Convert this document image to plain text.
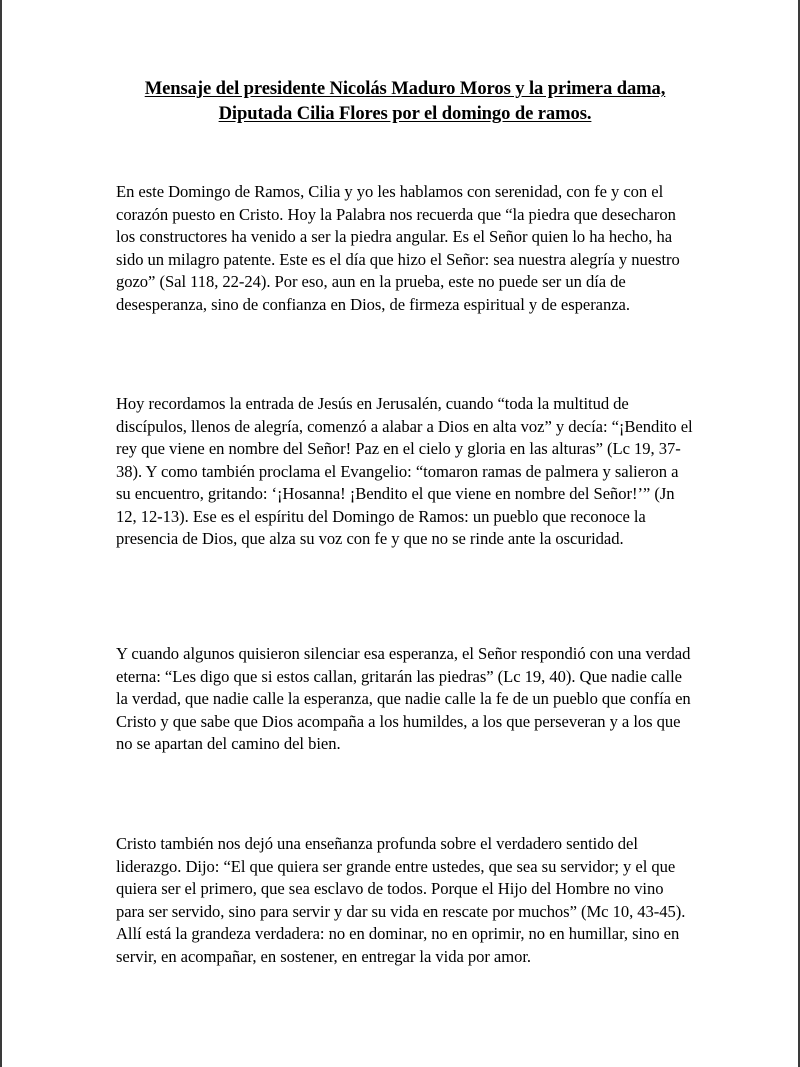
Mensaje del presidente Nicolás Maduro Moros y la primera dama, Diputada Cilia Flores por el domingo de ramos.

En este Domingo de Ramos, Cilia y yo les hablamos con serenidad, con fe y con el corazón puesto en Cristo. Hoy la Palabra nos recuerda que “la piedra que desecharon los constructores ha venido a ser la piedra angular. Es el Señor quien lo ha hecho, ha sido un milagro patente. Este es el día que hizo el Señor: sea nuestra alegría y nuestro gozo” (Sal 118, 22-24). Por eso, aun en la prueba, este no puede ser un día de desesperanza, sino de confianza en Dios, de firmeza espiritual y de esperanza.

Hoy recordamos la entrada de Jesús en Jerusalén, cuando “toda la multitud de discípulos, llenos de alegría, comenzó a alabar a Dios en alta voz” y decía: “¡Bendito el rey que viene en nombre del Señor! Paz en el cielo y gloria en las alturas” (Lc 19, 37-38). Y como también proclama el Evangelio: “tomaron ramas de palmera y salieron a su encuentro, gritando: ‘¡Hosanna! ¡Bendito el que viene en nombre del Señor!’” (Jn 12, 12-13). Ese es el espíritu del Domingo de Ramos: un pueblo que reconoce la presencia de Dios, que alza su voz con fe y que no se rinde ante la oscuridad.

Y cuando algunos quisieron silenciar esa esperanza, el Señor respondió con una verdad eterna: “Les digo que si estos callan, gritarán las piedras” (Lc 19, 40). Que nadie calle la verdad, que nadie calle la esperanza, que nadie calle la fe de un pueblo que confía en Cristo y que sabe que Dios acompaña a los humildes, a los que perseveran y a los que no se apartan del camino del bien.

Cristo también nos dejó una enseñanza profunda sobre el verdadero sentido del liderazgo. Dijo: “El que quiera ser grande entre ustedes, que sea su servidor; y el que quiera ser el primero, que sea esclavo de todos. Porque el Hijo del Hombre no vino para ser servido, sino para servir y dar su vida en rescate por muchos” (Mc 10, 43-45). Allí está la grandeza verdadera: no en dominar, no en oprimir, no en humillar, sino en servir, en acompañar, en sostener, en entregar la vida por amor.
